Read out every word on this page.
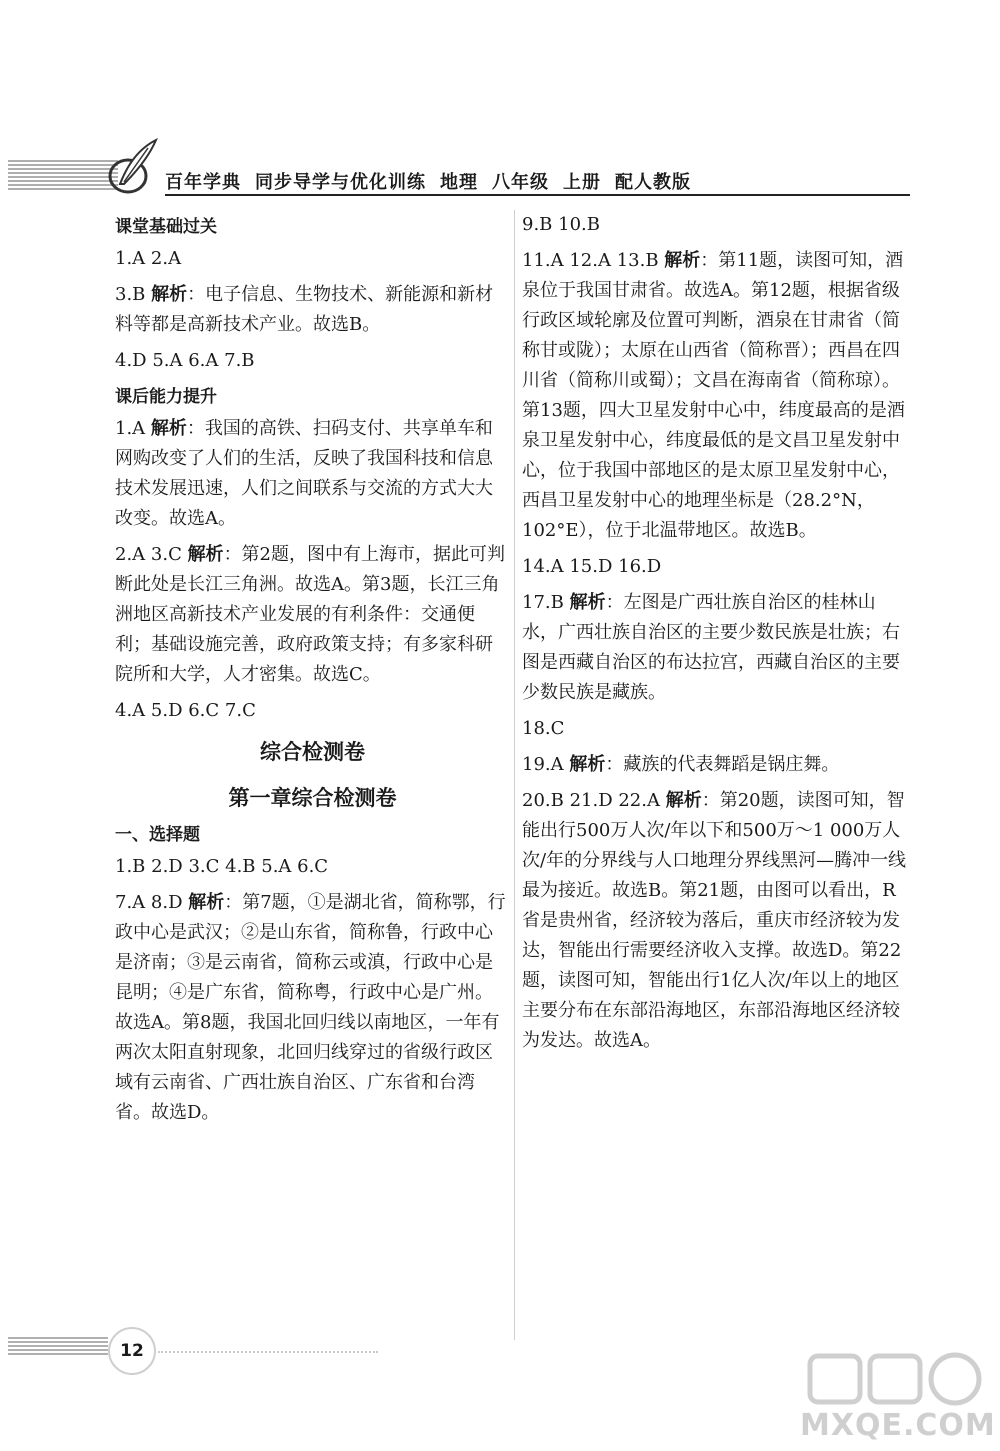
百年学典 同步导学与优化训练 地理 八年级 上册 配人教版
课堂基础过关
1.A 2.A
3.B 解析：电子信息、生物技术、新能源和新材料等都是高新技术产业。故选B。
4.D 5.A 6.A 7.B
课后能力提升
1.A 解析：我国的高铁、扫码支付、共享单车和网购改变了人们的生活，反映了我国科技和信息技术发展迅速，人们之间联系与交流的方式大大改变。故选A。
2.A 3.C 解析：第2题，图中有上海市，据此可判断此处是长江三角洲。故选A。第3题，长江三角洲地区高新技术产业发展的有利条件：交通便利；基础设施完善，政府政策支持；有多家科研院所和大学，人才密集。故选C。
4.A 5.D 6.C 7.C
综合检测卷
第一章综合检测卷
一、选择题
1.B 2.D 3.C 4.B 5.A 6.C
7.A 8.D 解析：第7题，①是湖北省，简称鄂，行政中心是武汉；②是山东省，简称鲁，行政中心是济南；③是云南省，简称云或滇，行政中心是昆明；④是广东省，简称粤，行政中心是广州。故选A。第8题，我国北回归线以南地区，一年有两次太阳直射现象，北回归线穿过的省级行政区域有云南省、广西壮族自治区、广东省和台湾省。故选D。
9.B 10.B
11.A 12.A 13.B 解析：第11题，读图可知，酒泉位于我国甘肃省。故选A。第12题，根据省级行政区域轮廓及位置可判断，酒泉在甘肃省（简称甘或陇）；太原在山西省（简称晋）；西昌在四川省（简称川或蜀）；文昌在海南省（简称琼）。第13题，四大卫星发射中心中，纬度最高的是酒泉卫星发射中心，纬度最低的是文昌卫星发射中心，位于我国中部地区的是太原卫星发射中心，西昌卫星发射中心的地理坐标是（28.2°N，102°E），位于北温带地区。故选B。
14.A 15.D 16.D
17.B 解析：左图是广西壮族自治区的桂林山水，广西壮族自治区的主要少数民族是壮族；右图是西藏自治区的布达拉宫，西藏自治区的主要少数民族是藏族。
18.C
19.A 解析：藏族的代表舞蹈是锅庄舞。
20.B 21.D 22.A 解析：第20题，读图可知，智能出行500万人次/年以下和500万～1 000万人次/年的分界线与人口地理分界线黑河—腾冲一线最为接近。故选B。第21题，由图可以看出，R省是贵州省，经济较为落后，重庆市经济较为发达，智能出行需要经济收入支撑。故选D。第22题，读图可知，智能出行1亿人次/年以上的地区主要分布在东部沿海地区，东部沿海地区经济较为发达。故选A。
12
MXQE.COM
